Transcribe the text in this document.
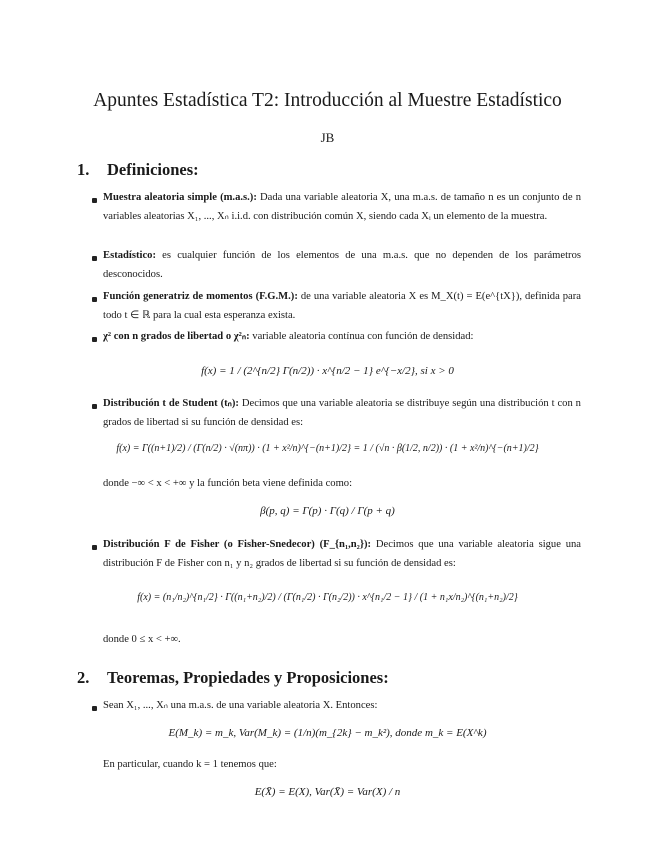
Apuntes Estadística T2: Introducción al Muestre Estadístico
JB
1. Definiciones:
Muestra aleatoria simple (m.a.s.): Dada una variable aleatoria X, una m.a.s. de tamaño n es un conjunto de n variables aleatorias X₁, ..., Xₙ i.i.d. con distribución común X, siendo cada Xᵢ un elemento de la muestra.
Estadístico: es cualquier función de los elementos de una m.a.s. que no dependen de los parámetros desconocidos.
Función generatriz de momentos (F.G.M.): de una variable aleatoria X es M_X(t) = E(e^{tX}), definida para todo t ∈ ℝ para la cual esta esperanza exista.
χ² con n grados de libertad o χ²ₙ: variable aleatoria contínua con función de densidad:
f(x) = 1 / (2^{n/2} Γ(n/2)) · x^{n/2 − 1} e^{−x/2}, si x > 0
Distribución t de Student (tₙ): Decimos que una variable aleatoria se distribuye según una distribución t con n grados de libertad si su función de densidad es:
f(x) = Γ((n+1)/2) / (Γ(n/2) · √(nπ)) · (1 + x²/n)^{−(n+1)/2} = 1 / (√n · β(1/2, n/2)) · (1 + x²/n)^{−(n+1)/2}
donde −∞ < x < +∞ y la función beta viene definida como:
β(p, q) = Γ(p) · Γ(q) / Γ(p + q)
Distribución F de Fisher (o Fisher-Snedecor) (F_{n₁,n₂}): Decimos que una variable aleatoria sigue una distribución F de Fisher con n₁ y n₂ grados de libertad si su función de densidad es:
f(x) = (n₁/n₂)^{n₁/2} · Γ((n₁+n₂)/2) / (Γ(n₁/2) · Γ(n₂/2)) · x^{n₁/2 − 1} / (1 + n₁x/n₂)^{(n₁+n₂)/2}
donde 0 ≤ x < +∞.
2. Teoremas, Propiedades y Proposiciones:
Sean X₁, ..., Xₙ una m.a.s. de una variable aleatoria X. Entonces:
E(M_k) = m_k, Var(M_k) = (1/n)(m_{2k} − m_k²), donde m_k = E(X^k)
En particular, cuando k = 1 tenemos que:
E(X̄) = E(X), Var(X̄) = Var(X) / n
